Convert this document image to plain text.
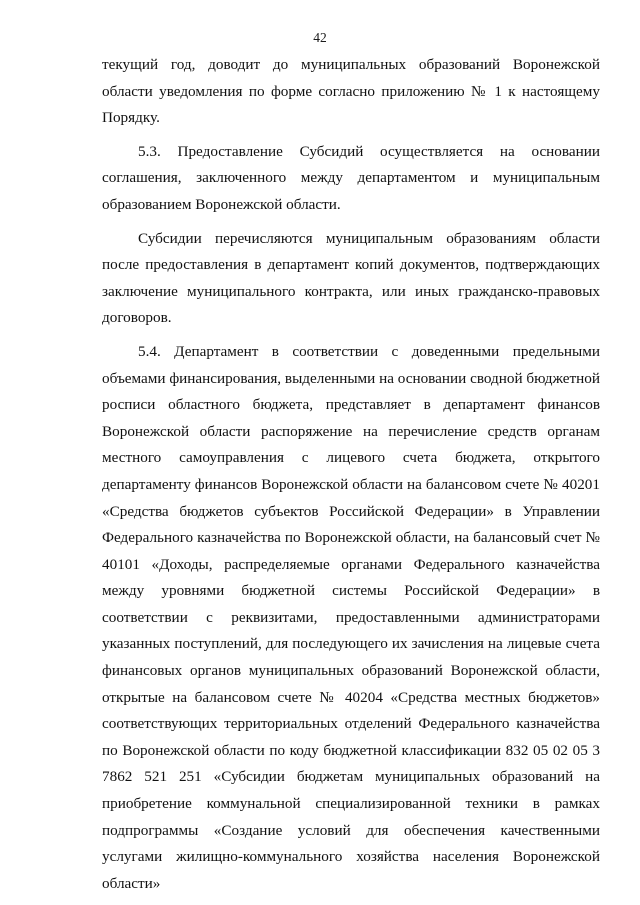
42

текущий год, доводит до муниципальных образований Воронежской области уведомления по форме согласно приложению № 1 к настоящему Порядку.

5.3. Предоставление Субсидий осуществляется на основании соглашения, заключенного между департаментом и муниципальным образованием Воронежской области.

Субсидии перечисляются муниципальным образованиям области после предоставления в департамент копий документов, подтверждающих заключение муниципального контракта, или иных гражданско-правовых договоров.

5.4. Департамент в соответствии с доведенными предельными объемами финансирования, выделенными на основании сводной бюджетной росписи областного бюджета, представляет в департамент финансов Воронежской области распоряжение на перечисление средств органам местного самоуправления с лицевого счета бюджета, открытого департаменту финансов Воронежской области на балансовом счете № 40201 «Средства бюджетов субъектов Российской Федерации» в Управлении Федерального казначейства по Воронежской области, на балансовый счет № 40101 «Доходы, распределяемые органами Федерального казначейства между уровнями бюджетной системы Российской Федерации» в соответствии с реквизитами, предоставленными администраторами указанных поступлений, для последующего их зачисления на лицевые счета финансовых органов муниципальных образований Воронежской области, открытые на балансовом счете № 40204 «Средства местных бюджетов» соответствующих территориальных отделений Федерального казначейства по Воронежской области по коду бюджетной классификации 832 05 02 05 3 7862 521 251 «Субсидии бюджетам муниципальных образований на приобретение коммунальной специализированной техники в рамках подпрограммы «Создание условий для обеспечения качественными услугами жилищно-коммунального хозяйства населения Воронежской области»
